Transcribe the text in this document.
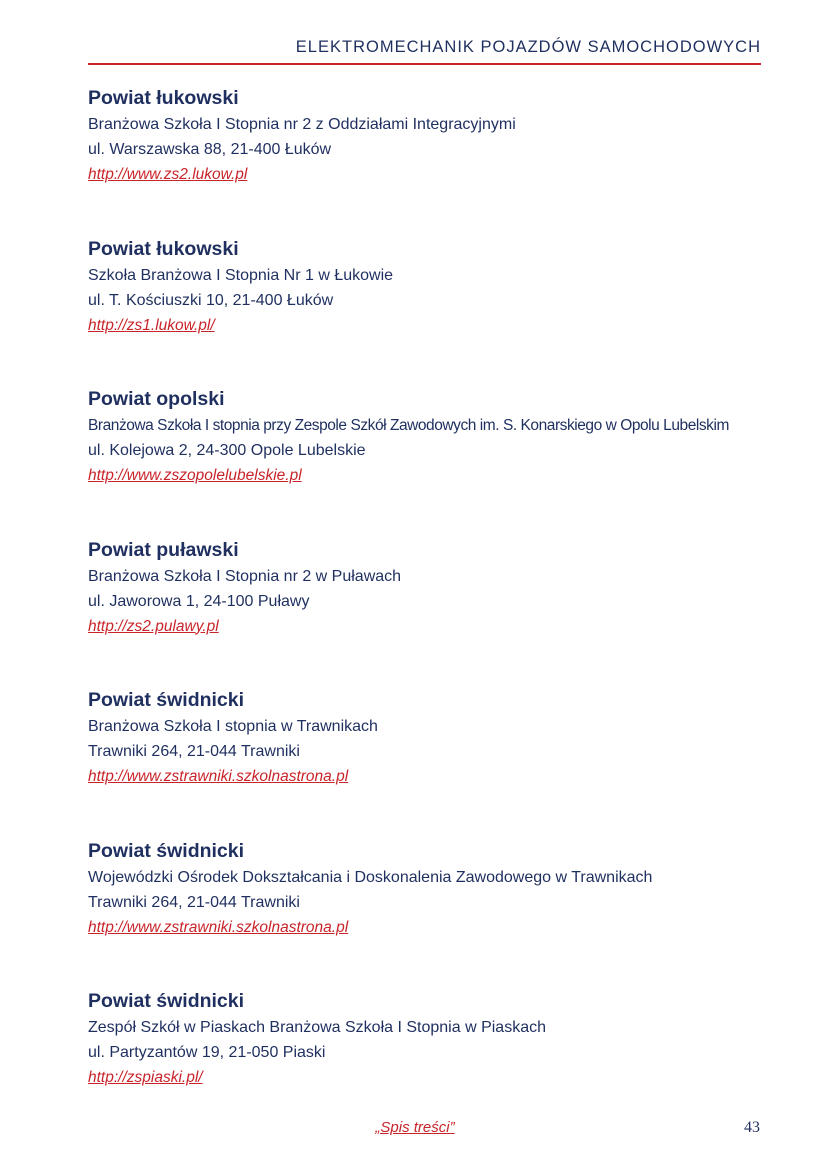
ELEKTROMECHANIK POJAZDÓW SAMOCHODOWYCH
Powiat łukowski
Branżowa Szkoła I Stopnia nr 2 z Oddziałami Integracyjnymi
ul. Warszawska 88, 21-400 Łuków
http://www.zs2.lukow.pl
Powiat łukowski
Szkoła Branżowa I Stopnia Nr 1 w Łukowie
ul. T. Kościuszki 10, 21-400 Łuków
http://zs1.lukow.pl/
Powiat opolski
Branżowa Szkoła I stopnia przy Zespole Szkół Zawodowych im. S. Konarskiego w Opolu Lubelskim
ul. Kolejowa 2, 24-300 Opole Lubelskie
http://www.zszopolelubelskie.pl
Powiat puławski
Branżowa Szkoła I Stopnia nr 2 w Puławach
ul. Jaworowa 1, 24-100 Puławy
http://zs2.pulawy.pl
Powiat świdnicki
Branżowa Szkoła I stopnia w Trawnikach
Trawniki 264, 21-044 Trawniki
http://www.zstrawniki.szkolnastrona.pl
Powiat świdnicki
Wojewódzki Ośrodek Dokształcania i Doskonalenia Zawodowego w Trawnikach
Trawniki 264, 21-044 Trawniki
http://www.zstrawniki.szkolnastrona.pl
Powiat świdnicki
Zespół Szkół w Piaskach Branżowa Szkoła I Stopnia w Piaskach
ul. Partyzantów 19, 21-050 Piaski
http://zspiaski.pl/
„Spis treści”	43
